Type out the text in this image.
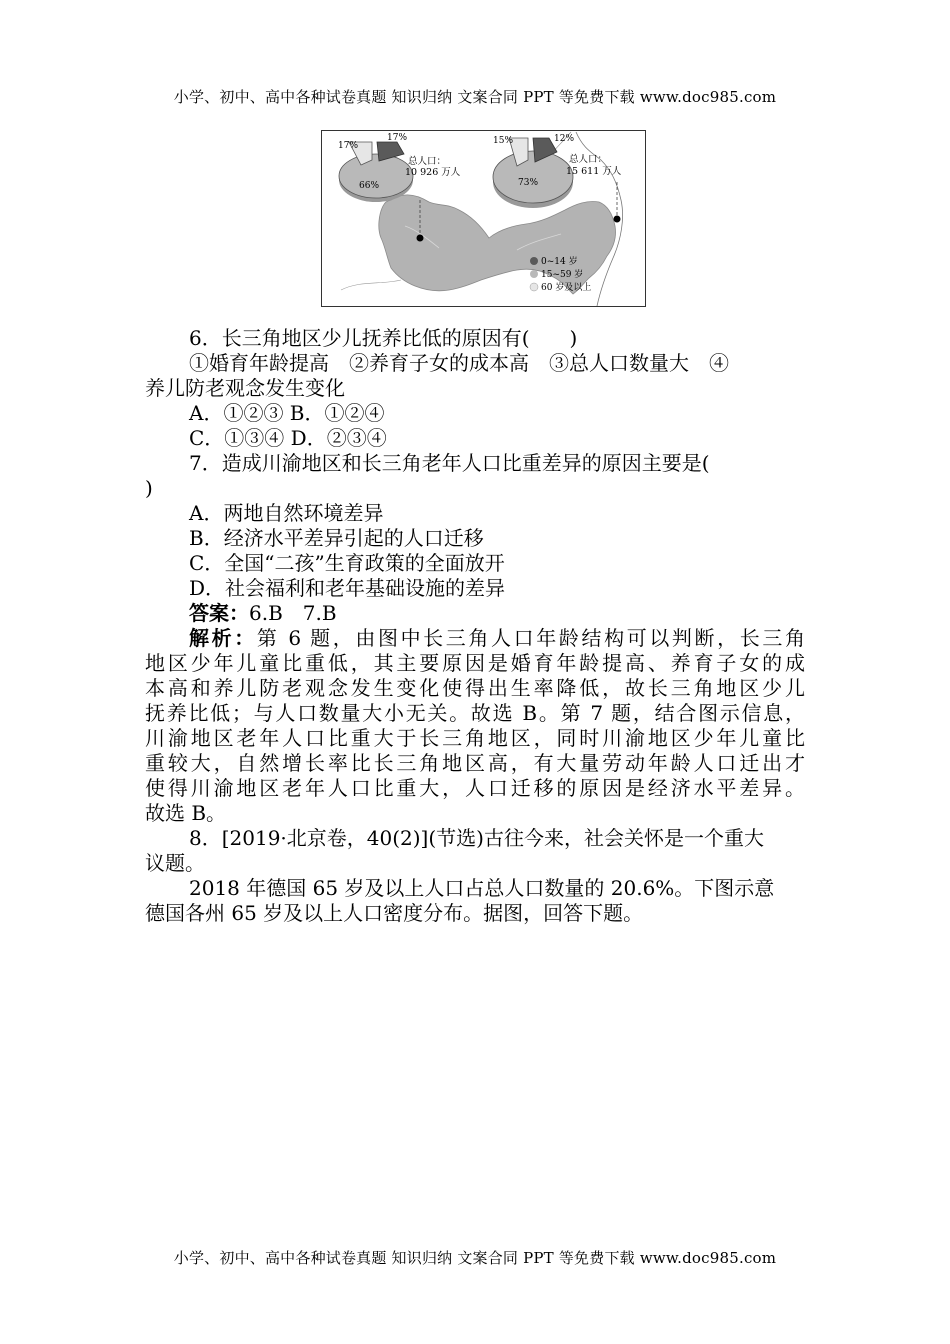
小学、初中、高中各种试卷真题 知识归纳 文案合同 PPT 等免费下载 www.doc985.com
66%
17%
17%
总人口：
10 926 万人
73%
15%	12%
总人口：
15 611 万人
0~14 岁
15~59 岁
60 岁及以上

6．长三角地区少儿抚养比低的原因有(　　)

①婚育年龄提高　②养育子女的成本高　③总人口数量大　④

养儿防老观念发生变化

A．①②③ B．①②④

C．①③④ D．②③④

7．造成川渝地区和长三角老年人口比重差异的原因主要是(

)

A．两地自然环境差异

B．经济水平差异引起的人口迁移

C．全国“二孩”生育政策的全面放开

D．社会福利和老年基础设施的差异

答案：6.B　7.B

解析：第 6 题，由图中长三角人口年龄结构可以判断，长三角

地区少年儿童比重低，其主要原因是婚育年龄提高、养育子女的成

本高和养儿防老观念发生变化使得出生率降低，故长三角地区少儿

抚养比低；与人口数量大小无关。故选 B。第 7 题，结合图示信息，

川渝地区老年人口比重大于长三角地区，同时川渝地区少年儿童比

重较大，自然增长率比长三角地区高，有大量劳动年龄人口迁出才

使得川渝地区老年人口比重大，人口迁移的原因是经济水平差异。

故选 B。

8．[2019·北京卷，40(2)](节选)古往今来，社会关怀是一个重大

议题。

2018 年德国 65 岁及以上人口占总人口数量的 20.6%。下图示意

德国各州 65 岁及以上人口密度分布。据图，回答下题。

小学、初中、高中各种试卷真题 知识归纳 文案合同 PPT 等免费下载 www.doc985.com
